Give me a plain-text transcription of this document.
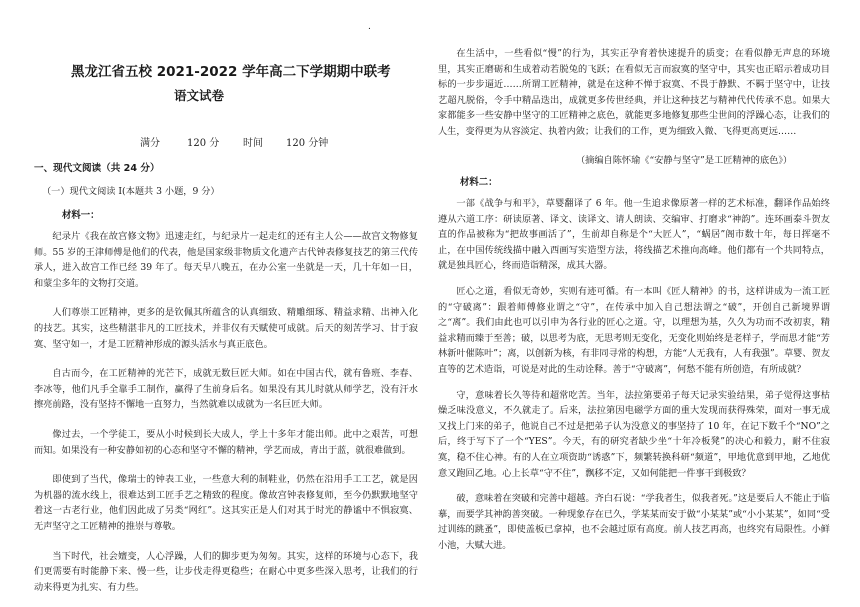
.
黑龙江省五校 2021-2022 学年高二下学期期中联考
语文试卷
满分	120 分 时间 120 分钟
一、现代文阅读（共 24 分）
（一）现代文阅读 I(本题共 3 小题，9 分）
材料一：

纪录片《我在故宫修文物》迅速走红，与纪录片一起走红的还有主人公——故宫文物修复师。55 岁的王津师傅是他们的代表，他是国家级非物质文化遗产古代钟表修复技艺的第三代传承人，进入故宫工作已经 39 年了。每天早八晚五，在办公室一坐就是一天，几十年如一日，和蒙尘多年的文物打交道。

人们尊崇工匠精神，更多的是钦佩其所蕴含的认真细致、精雕细琢、精益求精、出神入化的技艺。其实，这些精湛非凡的工匠技术，并非仅有天赋使可成就。后天的刻苦学习、甘于寂寞、坚守如一，才是工匠精神形成的源头活水与真正底色。

自古而今，在工匠精神的光芒下，成就无数巨匠大师。如在中国古代，就有鲁班、李春、李冰等，他们凡手全靠手工制作，赢得了生前身后名。如果没有其儿时就从师学艺，没有汗水擦亮前路，没有坚持不懈地一直努力，当然就难以成就为一名巨匠大师。

像过去，一个学徒工，要从小时候到长大成人，学上十多年才能出师。此中之艰苦，可想而知。如果没有一种安静如初的心态和坚守不懈的精神，学艺而成，青出于蓝，就很难做到。

即使到了当代，像瑞士的钟表工业，一些意大利的制鞋业，仍然在沿用手工工艺，就是因为机器的流水线上，很难达到工匠手艺之精致的程度。像故宫钟表修复师，至今仍默默地坚守着这一古老行业，他们因此成了另类“网红”。这其实正是人们对其于时光的静谧中不惧寂寞、无声坚守之工匠精神的推崇与尊敬。

当下时代，社会嬗变，人心浮躁，人们的脚步更为匆匆。其实，这样的环境与心态下，我们更需要有时能静下来、慢一些，让步伐走得更稳些；在耐心中更多些深入思考，让我们的行动来得更为扎实、有力些。

在生活中，一些看似“慢”的行为，其实正孕育着快速提升的质变；在看似静无声息的环境里，其实正磨砺和生成着动若脱兔的飞跃；在看似无言而寂寞的坚守中，其实也正昭示着成功目标的一步步逼近……所谓工匠精神，就是在这种不惮于寂寞、不畏于静默、不羁于坚守中，让技艺超凡脱俗，令手中精品迭出，成就更多传世经典，并让这种技艺与精神代代传承不息。如果大家都能多一些安静中坚守的工匠精神之底色，就能更多地修复那些尘世间的浮躁心态，让我们的人生，变得更为从容淡定、执着内敛；让我们的工作，更为细致入微、飞得更高更远……

（摘编自陈怀瑜《“安静与坚守”是工匠精神的底色》）
材料二：

一部《战争与和平》，草婴翻译了 6 年。他一生追求像原著一样的艺术标准，翻译作品始终遵从六道工序：研读原著、译文、读译文、请人朗读、交编审、打磨求“神韵”。连环画泰斗贺友直的作品被称为“把故事画活了”，生前却自称是个“大匠人”，“蜗居”阁市数十年，每日挥毫不止，在中国传统线描中融入西画写实造型方法，将线描艺术推向高峰。他们都有一个共同特点，就是独具匠心，终而造诣精深，成其大器。

匠心之道，看似无奇妙，实则有迹可循。有一本叫《匠人精神》的书，这样讲成为一流工匠的“守破离”：跟着师傅修业谓之“守”，在传承中加入自己想法谓之“破”，开创自己新境界谓之“离”。我们由此也可以引申为各行业的匠心之道。守，以理想为基，久久为功而不改初衷，精益求精而臻于至善；破，以思考为底，无思考则无变化，无变化则始终是老样子，学而思才能“芳林新叶催陈叶”；离，以创新为核，有非同寻常的构想，方能“人无我有，人有我强”。草婴、贺友直等的艺术造诣，可说是对此的生动诠释。善于“守破离”，何愁不能有所创造，有所成就？

守，意味着长久等待和超常吃苦。当年，法拉第要弟子每天记录实验结果，弟子觉得这事枯燥乏味没意义，不久就走了。后来，法拉第因电磁学方面的重大发现而获得殊荣，面对一事无成又找上门来的弟子，他说自己不过是把弟子认为没意义的事坚持了 10 年，在记下数千个“NO”之后，终于写下了一个“YES”。今天，有的研究者缺少坐“十年冷板凳”的决心和毅力，耐不住寂寞，稳不住心神。有的人在立项资助“诱惑”下，频繁转换科研“频道”，甲地优意到甲地，乙地优意又跑回乙地。心上长草“守不住”，飘移不定，又如何能把一件事干到极致？

破，意味着在突破和完善中超越。齐白石说：“学我者生，似我者死。”这是要后人不能止于临摹，而要学其神韵善突破。一种现象存在已久，学某某而安于做“小某某”或“小小某某”，如同“受过训练的跳蚤”，即使盖板已拿掉，也不会越过原有高度。前人技艺再高，也终究有局限性。小鲜小池，大赋大进。
